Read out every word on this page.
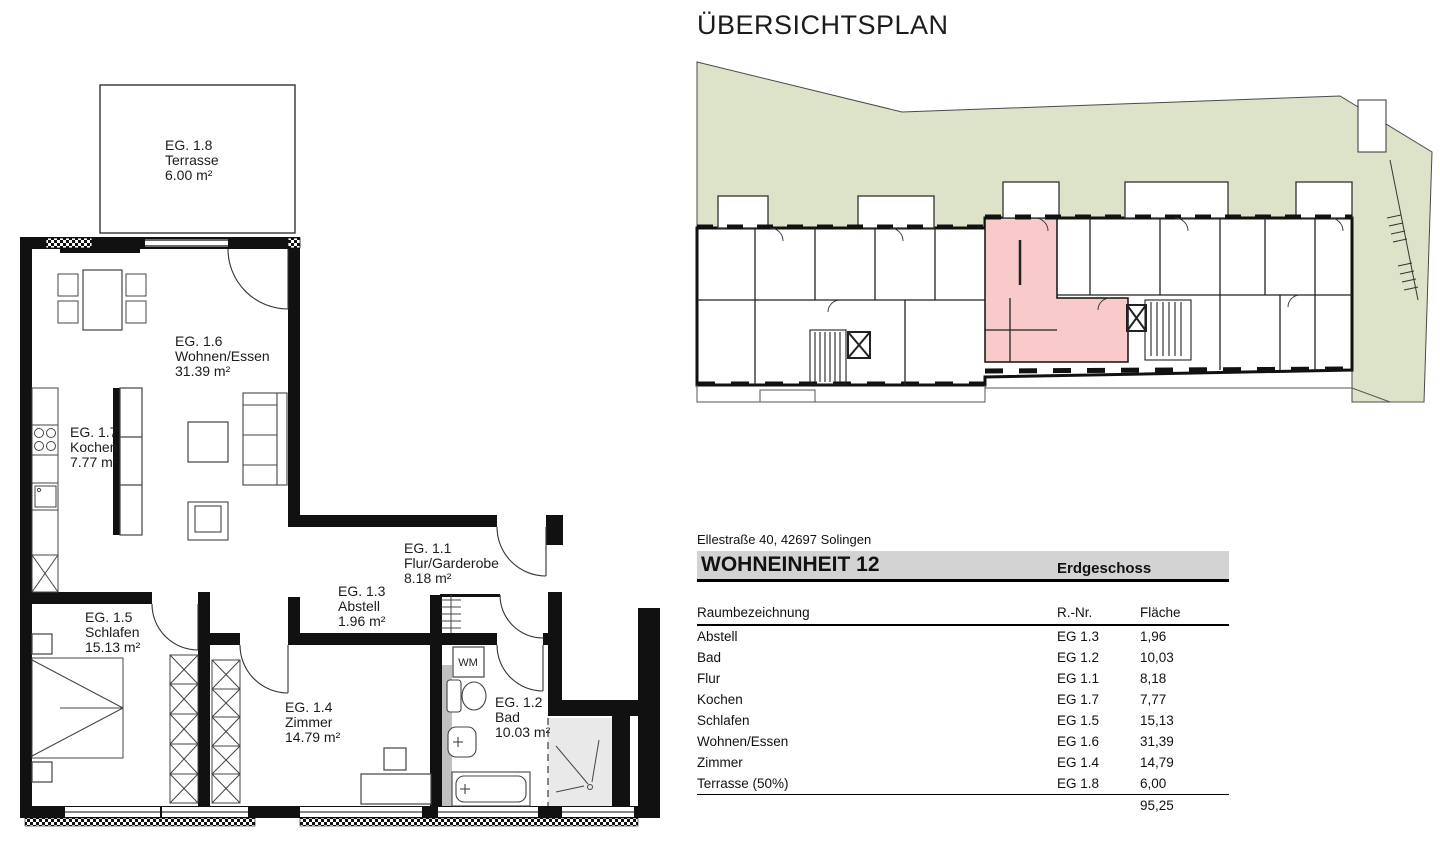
EG. 1.8
Terrasse
6.00 m²
EG. 1.6
Wohnen/Essen
31.39 m²
EG. 1.7
Kochen
7.77 m²
EG. 1.5
Schlafen
15.13 m²
EG. 1.4
Zimmer
14.79 m²
EG. 1.1
Flur/Garderobe
8.18 m²
EG. 1.3
Abstell
1.96 m²
EG. 1.2
Bad
10.03 m²
WM
ÜBERSICHTSPLAN
Ellestraße 40, 42697 Solingen
WOHNEINHEIT 12	Erdgeschoss
Raumbezeichnung	R.-Nr.	Fläche
Abstell	EG 1.3	1,96
Bad	EG 1.2	10,03
Flur	EG 1.1	8,18
Kochen	EG 1.7	7,77
Schlafen	EG 1.5	15,13
Wohnen/Essen	EG 1.6	31,39
Zimmer	EG 1.4	14,79
Terrasse (50%)	EG 1.8	6,00
95,25
